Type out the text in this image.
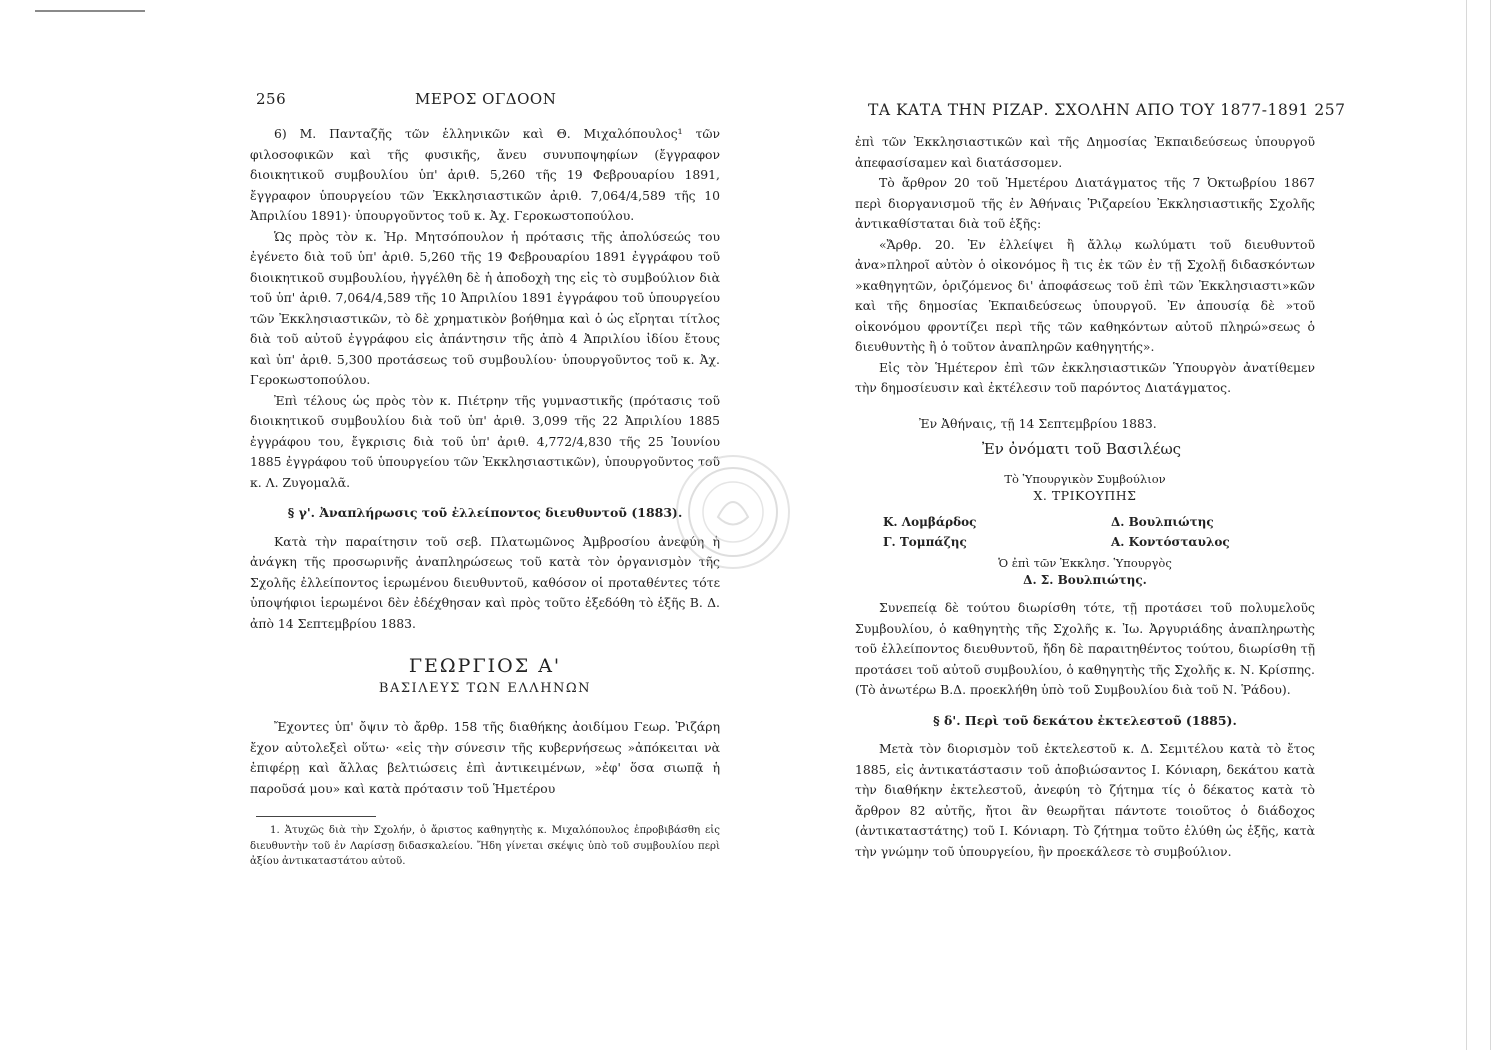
256	ΜΕΡΟΣ ΟΓΔΟΟΝ

6) Μ. Πανταζῆς τῶν ἑλληνικῶν καὶ Θ. Μιχαλόπουλος¹ τῶν φιλοσοφικῶν καὶ τῆς φυσικῆς, ἄνευ συνυποψηφίων (ἔγγραφον διοικητικοῦ συμβουλίου ὑπ' ἀριθ. 5,260 τῆς 19 Φεβρουαρίου 1891, ἔγγραφον ὑπουργείου τῶν Ἐκκλησιαστικῶν ἀριθ. 7,064/4,589 τῆς 10 Ἀπριλίου 1891)· ὑπουργοῦντος τοῦ κ. Ἀχ. Γεροκωστοπούλου.

Ὡς πρὸς τὸν κ. Ἠρ. Μητσόπουλον ἡ πρότασις τῆς ἀπολύσεώς του ἐγένετο διὰ τοῦ ὑπ' ἀριθ. 5,260 τῆς 19 Φεβρουαρίου 1891 ἐγγράφου τοῦ διοικητικοῦ συμβουλίου, ἠγγέλθη δὲ ἡ ἀποδοχὴ της εἰς τὸ συμβούλιον διὰ τοῦ ὑπ' ἀριθ. 7,064/4,589 τῆς 10 Ἀπριλίου 1891 ἐγγράφου τοῦ ὑπουργείου τῶν Ἐκκλησιαστικῶν, τὸ δὲ χρηματικὸν βοήθημα καὶ ὁ ὡς εἴρηται τίτλος διὰ τοῦ αὐτοῦ ἐγγράφου εἰς ἀπάντησιν τῆς ἀπὸ 4 Ἀπριλίου ἰδίου ἔτους καὶ ὑπ' ἀριθ. 5,300 προτάσεως τοῦ συμβουλίου· ὑπουργοῦντος τοῦ κ. Ἀχ. Γεροκωστοπούλου.

Ἐπὶ τέλους ὡς πρὸς τὸν κ. Πιέτρην τῆς γυμναστικῆς (πρότασις τοῦ διοικητικοῦ συμβουλίου διὰ τοῦ ὑπ' ἀριθ. 3,099 τῆς 22 Ἀπριλίου 1885 ἐγγράφου του, ἔγκρισις διὰ τοῦ ὑπ' ἀριθ. 4,772/4,830 τῆς 25 Ἰουνίου 1885 ἐγγράφου τοῦ ὑπουργείου τῶν Ἐκκλησιαστικῶν), ὑπουργοῦντος τοῦ κ. Λ. Ζυγομαλᾶ.

§ γ'. Ἀναπλήρωσις τοῦ ἐλλείποντος διευθυντοῦ (1883).

Κατὰ τὴν παραίτησιν τοῦ σεβ. Πλατωμῶνος Ἀμβροσίου ἀνεφύη ἡ ἀνάγκη τῆς προσωρινῆς ἀναπληρώσεως τοῦ κατὰ τὸν ὀργανισμὸν τῆς Σχολῆς ἐλλείποντος ἱερωμένου διευθυντοῦ, καθόσον οἱ προταθέντες τότε ὑποψήφιοι ἱερωμένοι δὲν ἐδέχθησαν καὶ πρὸς τοῦτο ἐξεδόθη τὸ ἑξῆς Β. Δ. ἀπὸ 14 Σεπτεμβρίου 1883.

ΓΕΩΡΓΙΟΣ Α'
ΒΑΣΙΛΕΥΣ ΤΩΝ ΕΛΛΗΝΩΝ

Ἔχοντες ὑπ' ὄψιν τὸ ἄρθρ. 158 τῆς διαθήκης ἀοιδίμου Γεωρ. Ῥιζάρη ἔχον αὐτολεξεὶ οὕτω· «εἰς τὴν σύνεσιν τῆς κυβερνήσεως »ἀπόκειται νὰ ἐπιφέρῃ καὶ ἄλλας βελτιώσεις ἐπὶ ἀντικειμένων, »ἐφ' ὅσα σιωπᾷ ἡ παροῦσά μου» καὶ κατὰ πρότασιν τοῦ Ἡμετέρου

1. Ἀτυχῶς διὰ τὴν Σχολήν, ὁ ἄριστος καθηγητὴς κ. Μιχαλόπουλος ἐπροβιβάσθη εἰς διευθυντὴν τοῦ ἐν Λαρίσσῃ διδασκαλείου. Ἤδη γίνεται σκέψις ὑπὸ τοῦ συμβουλίου περὶ ἀξίου ἀντικαταστάτου αὐτοῦ.

ΤΑ ΚΑΤΑ ΤΗΝ ΡΙΖΑΡ. ΣΧΟΛΗΝ ΑΠΟ ΤΟΥ 1877-1891 257

ἐπὶ τῶν Ἐκκλησιαστικῶν καὶ τῆς Δημοσίας Ἐκπαιδεύσεως ὑπουργοῦ ἀπεφασίσαμεν καὶ διατάσσομεν.

Τὸ ἄρθρον 20 τοῦ Ἡμετέρου Διατάγματος τῆς 7 Ὀκτωβρίου 1867 περὶ διοργανισμοῦ τῆς ἐν Ἀθήναις Ῥιζαρείου Ἐκκλησιαστικῆς Σχολῆς ἀντικαθίσταται διὰ τοῦ ἑξῆς:

«Ἄρθρ. 20. Ἐν ἐλλείψει ἢ ἄλλῳ κωλύματι τοῦ διευθυντοῦ ἀνα»πληροῖ αὐτὸν ὁ οἰκονόμος ἢ τις ἐκ τῶν ἐν τῇ Σχολῇ διδασκόντων »καθηγητῶν, ὁριζόμενος δι' ἀποφάσεως τοῦ ἐπὶ τῶν Ἐκκλησιαστι»κῶν καὶ τῆς δημοσίας Ἐκπαιδεύσεως ὑπουργοῦ. Ἐν ἀπουσίᾳ δὲ »τοῦ οἰκονόμου φροντίζει περὶ τῆς τῶν καθηκόντων αὐτοῦ πληρώ»σεως ὁ διευθυντὴς ἢ ὁ τοῦτον ἀναπληρῶν καθηγητής».

Εἰς τὸν Ἡμέτερον ἐπὶ τῶν ἐκκλησιαστικῶν Ὑπουργὸν ἀνατίθεμεν τὴν δημοσίευσιν καὶ ἐκτέλεσιν τοῦ παρόντος Διατάγματος.

Ἐν Ἀθήναις, τῇ 14 Σεπτεμβρίου 1883.
Ἐν ὀνόματι τοῦ Βασιλέως
Τὸ Ὑπουργικὸν Συμβούλιον
Χ. ΤΡΙΚΟΥΠΗΣ
Κ. Λομβάρδος	Δ. Βουλπιώτης
Γ. Τομπάζης	Α. Κοντόσταυλος
Ὁ ἐπὶ τῶν Ἐκκλησ. Ὑπουργὸς
Δ. Σ. Βουλπιώτης.

Συνεπείᾳ δὲ τούτου διωρίσθη τότε, τῇ προτάσει τοῦ πολυμελοῦς Συμβουλίου, ὁ καθηγητὴς τῆς Σχολῆς κ. Ἰω. Ἀργυριάδης ἀναπληρωτὴς τοῦ ἐλλείποντος διευθυντοῦ, ἤδη δὲ παραιτηθέντος τούτου, διωρίσθη τῇ προτάσει τοῦ αὐτοῦ συμβουλίου, ὁ καθηγητὴς τῆς Σχολῆς κ. Ν. Κρίσπης. (Τὸ ἀνωτέρω Β.Δ. προεκλήθη ὑπὸ τοῦ Συμβουλίου διὰ τοῦ Ν. Ῥάδου).

§ δ'. Περὶ τοῦ δεκάτου ἐκτελεστοῦ (1885).

Μετὰ τὸν διορισμὸν τοῦ ἐκτελεστοῦ κ. Δ. Σεμιτέλου κατὰ τὸ ἔτος 1885, εἰς ἀντικατάστασιν τοῦ ἀποβιώσαντος Ι. Κόνιαρη, δεκάτου κατὰ τὴν διαθήκην ἐκτελεστοῦ, ἀνεφύη τὸ ζήτημα τίς ὁ δέκατος κατὰ τὸ ἄρθρον 82 αὐτῆς, ἤτοι ἂν θεωρῆται πάντοτε τοιοῦτος ὁ διάδοχος (ἀντικαταστάτης) τοῦ Ι. Κόνιαρη. Τὸ ζήτημα τοῦτο ἐλύθη ὡς ἑξῆς, κατὰ τὴν γνώμην τοῦ ὑπουργείου, ἣν προεκάλεσε τὸ συμβούλιον.
